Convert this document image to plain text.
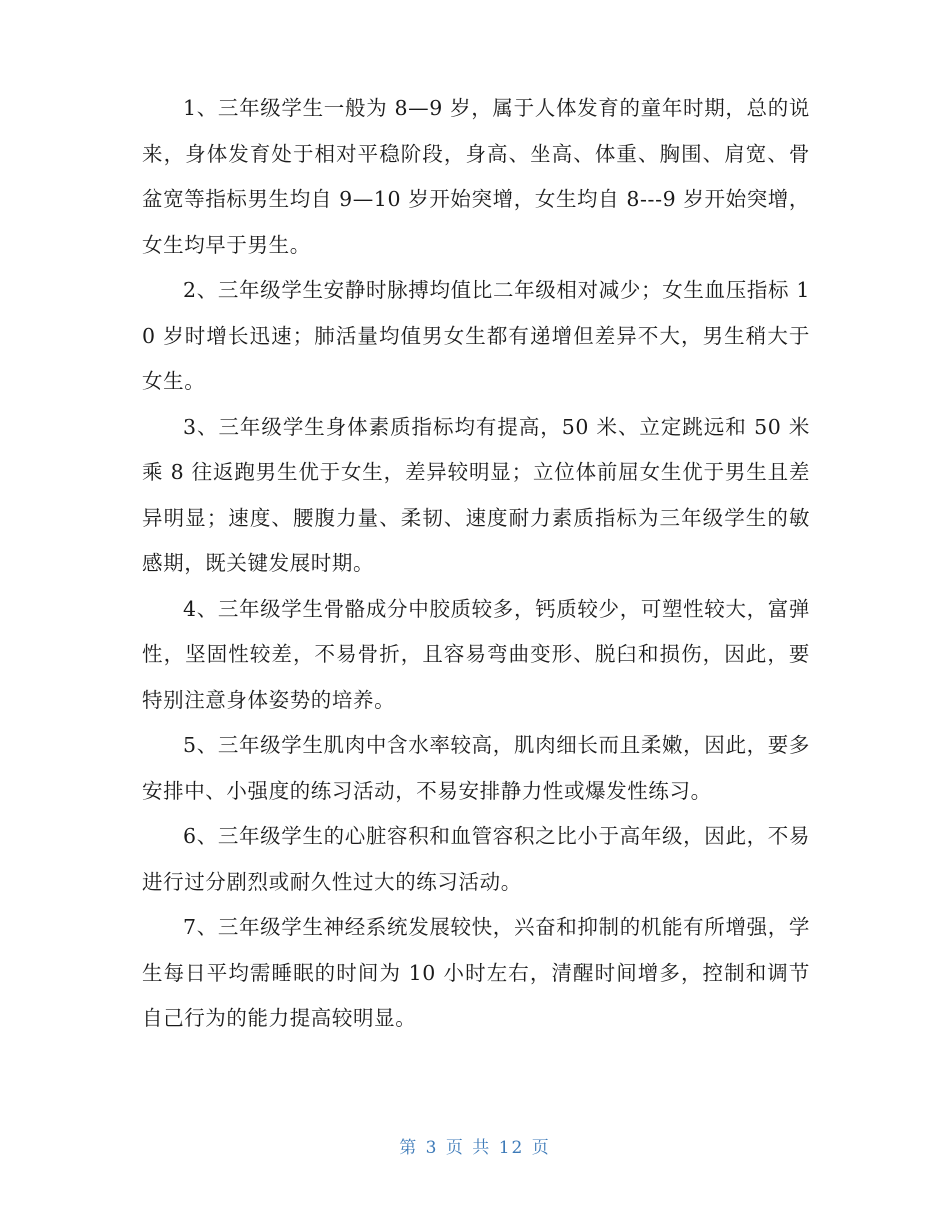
1、三年级学生一般为 8—9 岁，属于人体发育的童年时期，总的说来，身体发育处于相对平稳阶段，身高、坐高、体重、胸围、肩宽、骨盆宽等指标男生均自 9—10 岁开始突增，女生均自 8---9 岁开始突增，女生均早于男生。

2、三年级学生安静时脉搏均值比二年级相对减少；女生血压指标 10 岁时增长迅速；肺活量均值男女生都有递增但差异不大，男生稍大于女生。

3、三年级学生身体素质指标均有提高，50 米、立定跳远和 50 米乘 8 往返跑男生优于女生，差异较明显；立位体前屈女生优于男生且差异明显；速度、腰腹力量、柔韧、速度耐力素质指标为三年级学生的敏感期，既关键发展时期。

4、三年级学生骨骼成分中胶质较多，钙质较少，可塑性较大，富弹性，坚固性较差，不易骨折，且容易弯曲变形、脱臼和损伤，因此，要特别注意身体姿势的培养。

5、三年级学生肌肉中含水率较高，肌肉细长而且柔嫩，因此，要多安排中、小强度的练习活动，不易安排静力性或爆发性练习。

6、三年级学生的心脏容积和血管容积之比小于高年级，因此，不易进行过分剧烈或耐久性过大的练习活动。

7、三年级学生神经系统发展较快，兴奋和抑制的机能有所增强，学生每日平均需睡眠的时间为 10 小时左右，清醒时间增多，控制和调节自己行为的能力提高较明显。

第 3 页 共 12 页
